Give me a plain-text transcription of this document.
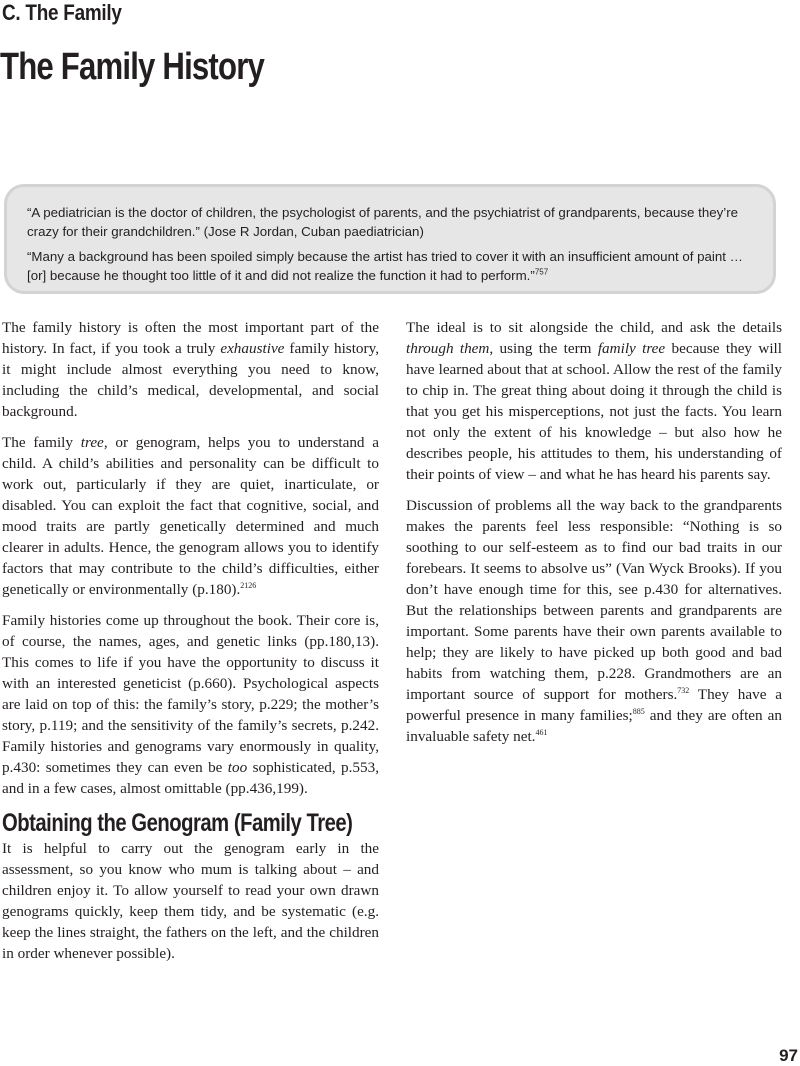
C. The Family
The Family History

“A pediatrician is the doctor of children, the psychologist of parents, and the psychiatrist of grandparents, because they’re crazy for their grandchildren.” (Jose R Jordan, Cuban paediatrician)

“Many a background has been spoiled simply because the artist has tried to cover it with an insufficient amount of paint … [or] because he thought too little of it and did not realize the function it had to perform.”$^{757}$

The family history is often the most important part of the history. In fact, if you took a truly exhaustive family history, it might include almost everything you need to know, including the child’s medical, developmental, and social background.

The family tree, or genogram, helps you to understand a child. A child’s abilities and personality can be difficult to work out, particularly if they are quiet, inarticulate, or disabled. You can exploit the fact that cognitive, social, and mood traits are partly genetically determined and much clearer in adults. Hence, the genogram allows you to identify factors that may contribute to the child’s difficulties, either genetically or environmentally (p.180).$^{2126}$

Family histories come up throughout the book. Their core is, of course, the names, ages, and genetic links (pp.180,13). This comes to life if you have the opportunity to discuss it with an interested geneticist (p.660). Psychological aspects are laid on top of this: the family’s story, p.229; the mother’s story, p.119; and the sensitivity of the family’s secrets, p.242. Family histories and genograms vary enormously in quality, p.430: sometimes they can even be too sophisticated, p.553, and in a few cases, almost omittable (pp.436,199).

Obtaining the Genogram (Family Tree)

It is helpful to carry out the genogram early in the assessment, so you know who mum is talking about – and children enjoy it. To allow yourself to read your own drawn genograms quickly, keep them tidy, and be systematic (e.g. keep the lines straight, the fathers on the left, and the children in order whenever possible).

The ideal is to sit alongside the child, and ask the details through them, using the term family tree because they will have learned about that at school. Allow the rest of the family to chip in. The great thing about doing it through the child is that you get his misperceptions, not just the facts. You learn not only the extent of his knowledge – but also how he describes people, his attitudes to them, his understanding of their points of view – and what he has heard his parents say.

Discussion of problems all the way back to the grandparents makes the parents feel less responsible: “Nothing is so soothing to our self-esteem as to find our bad traits in our forebears. It seems to absolve us” (Van Wyck Brooks). If you don’t have enough time for this, see p.430 for alternatives. But the relationships between parents and grandparents are important. Some parents have their own parents available to help; they are likely to have picked up both good and bad habits from watching them, p.228. Grandmothers are an important source of support for mothers.$^{732}$ They have a powerful presence in many families;$^{885}$ and they are often an invaluable safety net.$^{461}$

97
